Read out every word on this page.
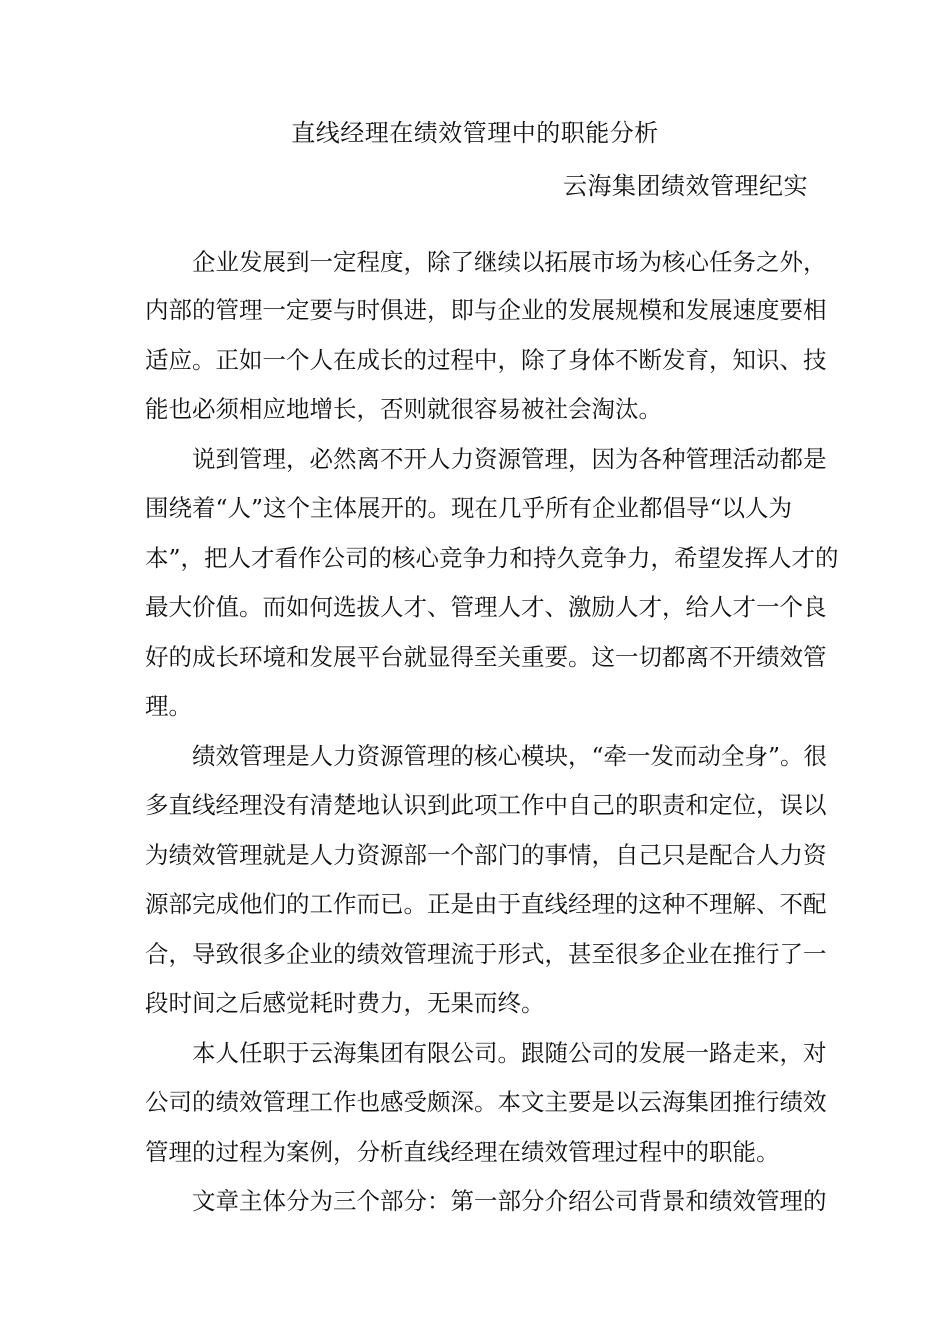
直线经理在绩效管理中的职能分析
云海集团绩效管理纪实

企业发展到一定程度，除了继续以拓展市场为核心任务之外，

内部的管理一定要与时俱进，即与企业的发展规模和发展速度要相

适应。正如一个人在成长的过程中，除了身体不断发育，知识、技

能也必须相应地增长，否则就很容易被社会淘汰。

说到管理，必然离不开人力资源管理，因为各种管理活动都是

围绕着“人”这个主体展开的。现在几乎所有企业都倡导“以人为

本”，把人才看作公司的核心竞争力和持久竞争力，希望发挥人才的

最大价值。而如何选拔人才、管理人才、激励人才，给人才一个良

好的成长环境和发展平台就显得至关重要。这一切都离不开绩效管

理。

绩效管理是人力资源管理的核心模块，“牵一发而动全身”。很

多直线经理没有清楚地认识到此项工作中自己的职责和定位，误以

为绩效管理就是人力资源部一个部门的事情，自己只是配合人力资

源部完成他们的工作而已。正是由于直线经理的这种不理解、不配

合，导致很多企业的绩效管理流于形式，甚至很多企业在推行了一

段时间之后感觉耗时费力，无果而终。

本人任职于云海集团有限公司。跟随公司的发展一路走来，对

公司的绩效管理工作也感受颇深。本文主要是以云海集团推行绩效

管理的过程为案例，分析直线经理在绩效管理过程中的职能。

文章主体分为三个部分：第一部分介绍公司背景和绩效管理的
